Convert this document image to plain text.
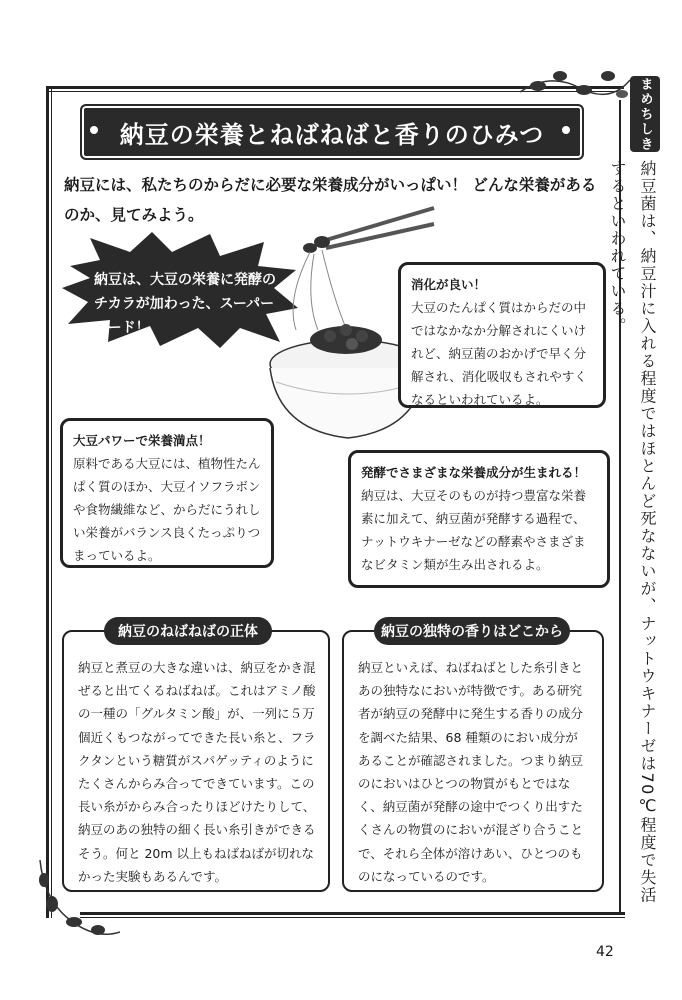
納豆の栄養とねばねばと香りのひみつ
納豆には、私たちのからだに必要な栄養成分がいっぱい！ どんな栄養があるのか、見てみよう。
納豆は、大豆の栄養に発酵のチカラが加わった、スーパーフード！
消化が良い！
大豆のたんぱく質はからだの中ではなかなか分解されにくいけれど、納豆菌のおかげで早く分解され、消化吸収もされやすくなるといわれているよ。
大豆パワーで栄養満点！
原料である大豆には、植物性たんぱく質のほか、大豆イソフラボンや食物繊維など、からだにうれしい栄養がバランス良くたっぷりつまっているよ。
発酵でさまざまな栄養成分が生まれる！
納豆は、大豆そのものが持つ豊富な栄養素に加えて、納豆菌が発酵する過程で、ナットウキナーゼなどの酵素やさまざまなビタミン類が生み出されるよ。
納豆と煮豆の大きな違いは、納豆をかき混ぜると出てくるねばねば。これはアミノ酸の一種の「グルタミン酸」が、一列に５万個近くもつながってできた長い糸と、フラクタンという糖質がスパゲッティのようにたくさんからみ合ってできています。この長い糸がからみ合ったりほどけたりして、納豆のあの独特の細く長い糸引きができるそう。何と 20m 以上もねばねばが切れなかった実験もあるんです。
納豆のねばねばの正体
納豆といえば、ねばねばとした糸引きとあの独特なにおいが特徴です。ある研究者が納豆の発酵中に発生する香りの成分を調べた結果、68 種類のにおい成分があることが確認されました。つまり納豆のにおいはひとつの物質がもとではなく、納豆菌が発酵の途中でつくり出すたくさんの物質のにおいが混ざり合うことで、それら全体が溶けあい、ひとつのものになっているのです。
納豆の独特の香りはどこから
まめちしき
納豆菌は、納豆汁に入れる程度ではほとんど死なないが、ナットウキナーゼは70℃程度で失活するといわれている。
42
